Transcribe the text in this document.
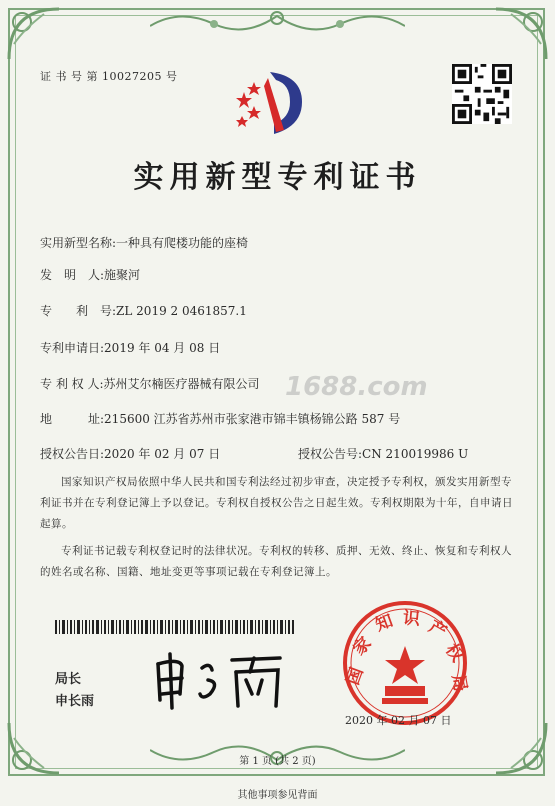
证 书 号 第 10027205 号
实用新型专利证书
实用新型名称:一种具有爬楼功能的座椅
发　明　人:施聚河
专　　利　号:ZL 2019 2 0461857.1
专利申请日:2019 年 04 月 08 日
专 利 权 人:苏州艾尔楠医疗器械有限公司
地　　　址:215600 江苏省苏州市张家港市锦丰镇杨锦公路 587 号
授权公告日:2020 年 02 月 07 日	授权公告号:CN 210019986 U
1688.com

国家知识产权局依照中华人民共和国专利法经过初步审查，决定授予专利权，颁发实用新型专利证书并在专利登记簿上予以登记。专利权自授权公告之日起生效。专利权期限为十年，自申请日起算。

专利证书记载专利权登记时的法律状况。专利权的转移、质押、无效、终止、恢复和专利权人的姓名或名称、国籍、地址变更等事项记载在专利登记簿上。

局长
申长雨
国
家
知 识 产
权
局
2020 年 02 月 07 日
第 1 页 (共 2 页)
其他事项参见背面
